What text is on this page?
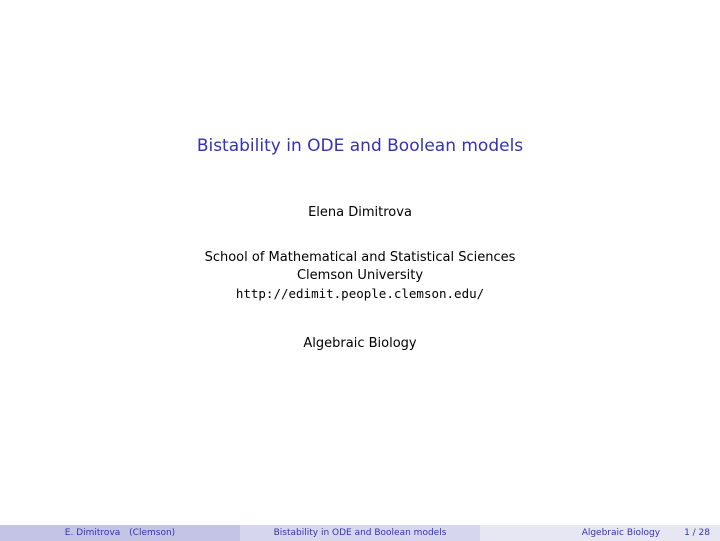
Bistability in ODE and Boolean models
Elena Dimitrova
School of Mathematical and Statistical Sciences
Clemson University
http://edimit.people.clemson.edu/
Algebraic Biology
E. Dimitrova (Clemson)	Bistability in ODE and Boolean models	Algebraic Biology	1 / 28
